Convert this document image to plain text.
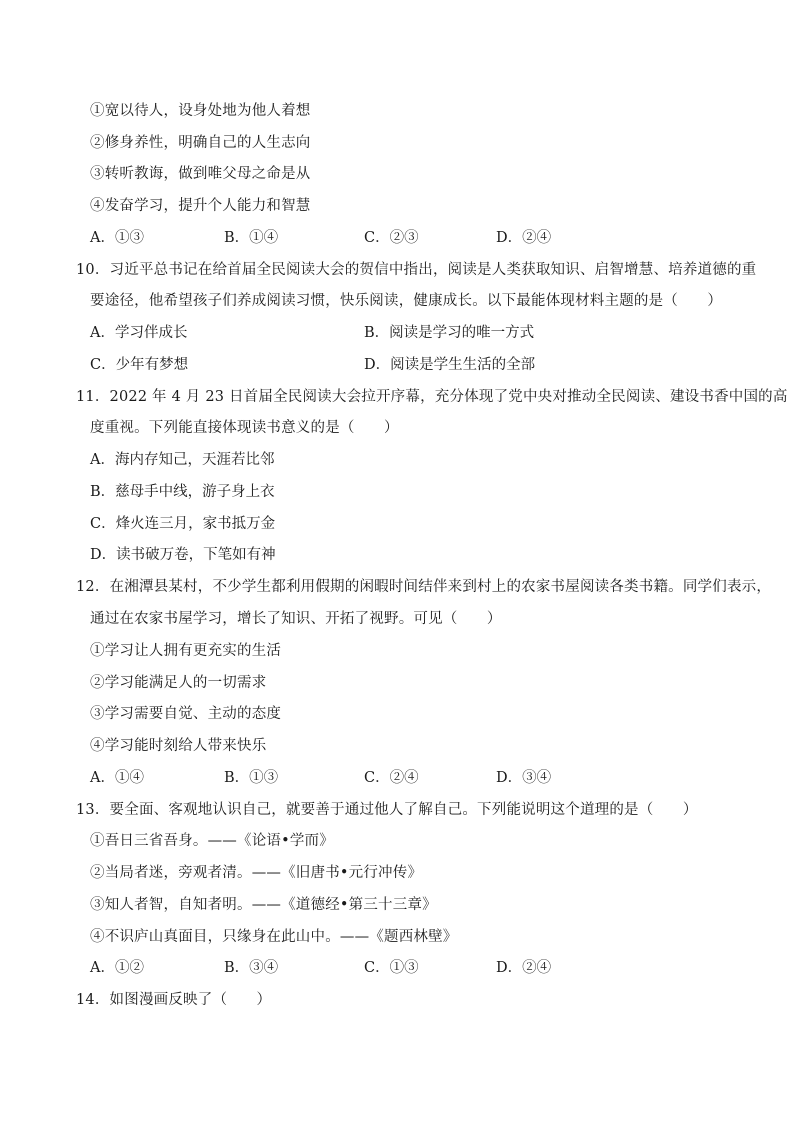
①宽以待人，设身处地为他人着想
②修身养性，明确自己的人生志向
③转听教诲，做到唯父母之命是从
④发奋学习，提升个人能力和智慧
A．①③	B．①④	C．②③	D．②④
10．习近平总书记在给首届全民阅读大会的贺信中指出，阅读是人类获取知识、启智增慧、培养道德的重
要途径，他希望孩子们养成阅读习惯，快乐阅读，健康成长。以下最能体现材料主题的是（　　）
A．学习伴成长	B．阅读是学习的唯一方式
C．少年有梦想	D．阅读是学生生活的全部
11．2022 年 4 月 23 日首届全民阅读大会拉开序幕，充分体现了党中央对推动全民阅读、建设书香中国的高
度重视。下列能直接体现读书意义的是（　　）
A．海内存知己，天涯若比邻
B．慈母手中线，游子身上衣
C．烽火连三月，家书抵万金
D．读书破万卷，下笔如有神
12．在湘潭县某村，不少学生都利用假期的闲暇时间结伴来到村上的农家书屋阅读各类书籍。同学们表示，
通过在农家书屋学习，增长了知识、开拓了视野。可见（　　）
①学习让人拥有更充实的生活
②学习能满足人的一切需求
③学习需要自觉、主动的态度
④学习能时刻给人带来快乐
A．①④	B．①③	C．②④	D．③④
13．要全面、客观地认识自己，就要善于通过他人了解自己。下列能说明这个道理的是（　　）
①吾日三省吾身。——《论语•学而》
②当局者迷，旁观者清。——《旧唐书•元行冲传》
③知人者智，自知者明。——《道德经•第三十三章》
④不识庐山真面目，只缘身在此山中。——《题西林壁》
A．①②	B．③④	C．①③	D．②④
14．如图漫画反映了（　　）
